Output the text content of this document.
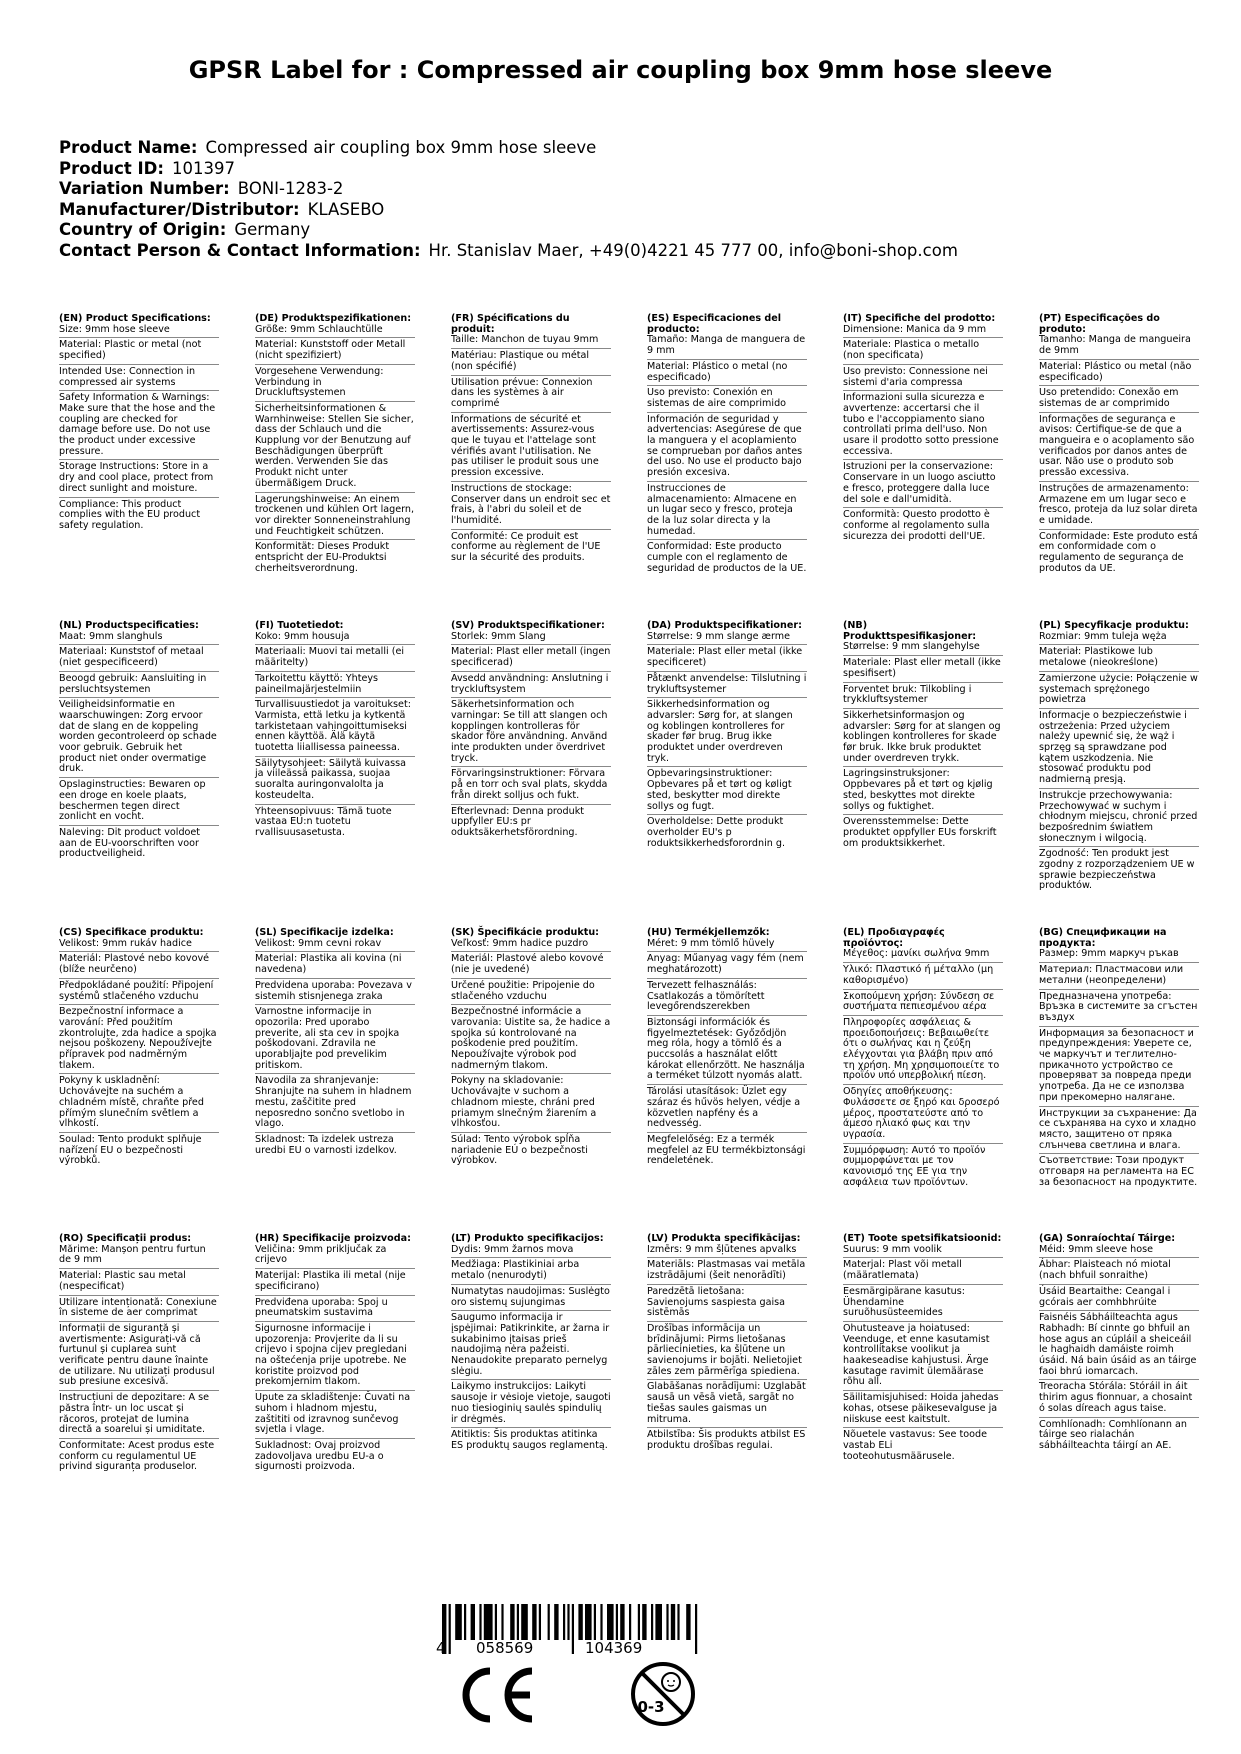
GPSR Label for : Compressed air coupling box 9mm hose sleeve
Product Name: Compressed air coupling box 9mm hose sleeve
Product ID: 101397
Variation Number: BONI-1283-2
Manufacturer/Distributor: KLASEBO
Country of Origin: Germany
Contact Person & Contact Information: Hr. Stanislav Maer, +49(0)4221 45 777 00, info@boni-shop.com
(EN) Product Specifications:
Size: 9mm hose sleeve
Material: Plastic or metal (not specified)
Intended Use: Connection in compressed air systems
Safety Information & Warnings: Make sure that the hose and the coupling are checked for damage before use. Do not use the product under excessive pressure.
Storage Instructions: Store in a dry and cool place, protect from direct sunlight and moisture.
Compliance: This product complies with the EU product safety regulation.
(DE) Produktspezifikationen:
Größe: 9mm Schlauchtülle
Material: Kunststoff oder Metall (nicht spezifiziert)
Vorgesehene Verwendung: Verbindung in Druckluftsystemen
Sicherheitsinformationen & Warnhinweise: Stellen Sie sicher, dass der Schlauch und die Kupplung vor der Benutzung auf Beschädigungen überprüft werden. Verwenden Sie das Produkt nicht unter übermäßigem Druck.
Lagerungshinweise: An einem trockenen und kühlen Ort lagern, vor direkter Sonneneinstrahlung und Feuchtigkeit schützen.
Konformität: Dieses Produkt entspricht der EU-Produktsi cherheitsverordnung.
(FR) Spécifications du produit:
Taille: Manchon de tuyau 9mm
Matériau: Plastique ou métal (non spécifié)
Utilisation prévue: Connexion dans les systèmes à air comprimé
Informations de sécurité et avertissements: Assurez-vous que le tuyau et l'attelage sont vérifiés avant l'utilisation. Ne pas utiliser le produit sous une pression excessive.
Instructions de stockage: Conserver dans un endroit sec et frais, à l'abri du soleil et de l'humidité.
Conformité: Ce produit est conforme au règlement de l'UE sur la sécurité des produits.
(ES) Especificaciones del producto:
Tamaño: Manga de manguera de 9 mm
Material: Plástico o metal (no especificado)
Uso previsto: Conexión en sistemas de aire comprimido
Información de seguridad y advertencias: Asegúrese de que la manguera y el acoplamiento se comprueban por daños antes del uso. No use el producto bajo presión excesiva.
Instrucciones de almacenamiento: Almacene en un lugar seco y fresco, proteja de la luz solar directa y la humedad.
Conformidad: Este producto cumple con el reglamento de seguridad de productos de la UE.
(IT) Specifiche del prodotto:
Dimensione: Manica da 9 mm
Materiale: Plastica o metallo (non specificata)
Uso previsto: Connessione nei sistemi d'aria compressa
Informazioni sulla sicurezza e avvertenze: accertarsi che il tubo e l'accoppiamento siano controllati prima dell'uso. Non usare il prodotto sotto pressione eccessiva.
Istruzioni per la conservazione: Conservare in un luogo asciutto e fresco, proteggere dalla luce del sole e dall'umidità.
Conformità: Questo prodotto è conforme al regolamento sulla sicurezza dei prodotti dell'UE.
(PT) Especificações do produto:
Tamanho: Manga de mangueira de 9mm
Material: Plástico ou metal (não especificado)
Uso pretendido: Conexão em sistemas de ar comprimido
Informações de segurança e avisos: Certifique-se de que a mangueira e o acoplamento são verificados por danos antes de usar. Não use o produto sob pressão excessiva.
Instruções de armazenamento: Armazene em um lugar seco e fresco, proteja da luz solar direta e umidade.
Conformidade: Este produto está em conformidade com o regulamento de segurança de produtos da UE.
(NL) Productspecificaties:
Maat: 9mm slanghuls
Materiaal: Kunststof of metaal (niet gespecificeerd)
Beoogd gebruik: Aansluiting in persluchtsystemen
Veiligheidsinformatie en waarschuwingen: Zorg ervoor dat de slang en de koppeling worden gecontroleerd op schade voor gebruik. Gebruik het product niet onder overmatige druk.
Opslaginstructies: Bewaren op een droge en koele plaats, beschermen tegen direct zonlicht en vocht.
Naleving: Dit product voldoet aan de EU-voorschriften voor productveiligheid.
(FI) Tuotetiedot:
Koko: 9mm housuja
Materiaali: Muovi tai metalli (ei määritelty)
Tarkoitettu käyttö: Yhteys paineilmajärjestelmiin
Turvallisuustiedot ja varoitukset: Varmista, että letku ja kytkentä tarkistetaan vahingoittumiseksi ennen käyttöä. Älä käytä tuotetta liiallisessa paineessa.
Säilytysohjeet: Säilytä kuivassa ja viileässä paikassa, suojaa suoralta auringonvalolta ja kosteudelta.
Yhteensopivuus: Tämä tuote vastaa EU:n tuotetu rvallisuusasetusta.
(SV) Produktspecifikationer:
Storlek: 9mm Slang
Material: Plast eller metall (ingen specificerad)
Avsedd användning: Anslutning i tryckluftsystem
Säkerhetsinformation och varningar: Se till att slangen och kopplingen kontrolleras för skador före användning. Använd inte produkten under överdrivet tryck.
Förvaringsinstruktioner: Förvara på en torr och sval plats, skydda från direkt solljus och fukt.
Efterlevnad: Denna produkt uppfyller EU:s pr oduktsäkerhetsförordning.
(DA) Produktspecifikationer:
Størrelse: 9 mm slange ærme
Materiale: Plast eller metal (ikke specificeret)
Påtænkt anvendelse: Tilslutning i trykluftsystemer
Sikkerhedsinformation og advarsler: Sørg for, at slangen og koblingen kontrolleres for skader før brug. Brug ikke produktet under overdreven tryk.
Opbevaringsinstruktioner: Opbevares på et tørt og køligt sted, beskytter mod direkte sollys og fugt.
Overholdelse: Dette produkt overholder EU's p roduktsikkerhedsforordnin g.
(NB) Produkttspesifikasjoner:
Størrelse: 9 mm slangehylse
Materiale: Plast eller metall (ikke spesifisert)
Forventet bruk: Tilkobling i trykkluftsystemer
Sikkerhetsinformasjon og advarsler: Sørg for at slangen og koblingen kontrolleres for skade før bruk. Ikke bruk produktet under overdreven trykk.
Lagringsinstruksjoner: Oppbevares på et tørt og kjølig sted, beskyttes mot direkte sollys og fuktighet.
Overensstemmelse: Dette produktet oppfyller EUs forskrift om produktsikkerhet.
(PL) Specyfikacje produktu:
Rozmiar: 9mm tuleja węża
Materiał: Plastikowe lub metalowe (nieokreślone)
Zamierzone użycie: Połączenie w systemach sprężonego powietrza
Informacje o bezpieczeństwie i ostrzeżenia: Przed użyciem należy upewnić się, że wąż i sprzęg są sprawdzane pod kątem uszkodzenia. Nie stosować produktu pod nadmierną presją.
Instrukcje przechowywania: Przechowywać w suchym i chłodnym miejscu, chronić przed bezpośrednim światłem słonecznym i wilgocią.
Zgodność: Ten produkt jest zgodny z rozporządzeniem UE w sprawie bezpieczeństwa produktów.
(CS) Specifikace produktu:
Velikost: 9mm rukáv hadice
Materiál: Plastové nebo kovové (blíže neurčeno)
Předpokládané použití: Připojení systémů stlačeného vzduchu
Bezpečnostní informace a varování: Před použitím zkontrolujte, zda hadice a spojka nejsou poškozeny. Nepoužívejte přípravek pod nadměrným tlakem.
Pokyny k uskladnění: Uchovávejte na suchém a chladném místě, chraňte před přímým slunečním světlem a vlhkostí.
Soulad: Tento produkt splňuje nařízení EU o bezpečnosti výrobků.
(SL) Specifikacije izdelka:
Velikost: 9mm cevni rokav
Material: Plastika ali kovina (ni navedena)
Predvidena uporaba: Povezava v sistemih stisnjenega zraka
Varnostne informacije in opozorila: Pred uporabo preverite, ali sta cev in spojka poškodovani. Zdravila ne uporabljajte pod prevelikim pritiskom.
Navodila za shranjevanje: Shranjujte na suhem in hladnem mestu, zaščitite pred neposredno sončno svetlobo in vlago.
Skladnost: Ta izdelek ustreza uredbi EU o varnosti izdelkov.
(SK) Špecifikácie produktu:
Veľkosť: 9mm hadice puzdro
Materiál: Plastové alebo kovové (nie je uvedené)
Určené použitie: Pripojenie do stlačeného vzduchu
Bezpečnostné informácie a varovania: Uistite sa, že hadice a spojka sú kontrolované na poškodenie pred použitím. Nepoužívajte výrobok pod nadmerným tlakom.
Pokyny na skladovanie: Uchovávajte v suchom a chladnom mieste, chráni pred priamym slnečným žiarením a vlhkosťou.
Súlad: Tento výrobok spĺňa nariadenie EÚ o bezpečnosti výrobkov.
(HU) Termékjellemzők:
Méret: 9 mm tömlő hüvely
Anyag: Műanyag vagy fém (nem meghatározott)
Tervezett felhasználás: Csatlakozás a tömörített levegőrendszerekben
Biztonsági információk és figyelmeztetések: Győződjön meg róla, hogy a tömlő és a puccsolás a használat előtt károkat ellenőrzött. Ne használja a terméket túlzott nyomás alatt.
Tárolási utasítások: Üzlet egy száraz és hűvös helyen, védje a közvetlen napfény és a nedvesség.
Megfelelőség: Ez a termék megfelel az EU termékbiztonsági rendeletének.
(EL) Προδιαγραφές προϊόντος:
Μέγεθος: μανίκι σωλήνα 9mm
Υλικό: Πλαστικό ή μέταλλο (μη καθορισμένο)
Σκοπούμενη χρήση: Σύνδεση σε συστήματα πεπιεσμένου αέρα
Πληροφορίες ασφάλειας & προειδοποιήσεις: Βεβαιωθείτε ότι ο σωλήνας και η ζεύξη ελέγχονται για βλάβη πριν από τη χρήση. Μη χρησιμοποιείτε το προϊόν υπό υπερβολική πίεση.
Οδηγίες αποθήκευσης: Φυλάσσετε σε ξηρό και δροσερό μέρος, προστατεύστε από το άμεσο ηλιακό φως και την υγρασία.
Συμμόρφωση: Αυτό το προϊόν συμμορφώνεται με τον κανονισμό της ΕΕ για την ασφάλεια των προϊόντων.
(BG) Спецификации на продукта:
Размер: 9mm маркуч ръкав
Материал: Пластмасови или метални (неопределени)
Предназначена употреба: Връзка в системите за сгъстен въздух
Информация за безопасност и предупреждения: Уверете се, че маркучът и теглително-прикачното устройство се проверяват за повреда преди употреба. Да не се използва при прекомерно налягане.
Инструкции за съхранение: Да се съхранява на сухо и хладно място, защитено от пряка слънчева светлина и влага.
Съответствие: Този продукт отговаря на регламента на ЕС за безопасност на продуктите.
(RO) Specificații produs:
Mărime: Manșon pentru furtun de 9 mm
Material: Plastic sau metal (nespecificat)
Utilizare intenționată: Conexiune în sisteme de aer comprimat
Informații de siguranță și avertismente: Asigurați-vă că furtunul și cuplarea sunt verificate pentru daune înainte de utilizare. Nu utilizați produsul sub presiune excesivă.
Instrucțiuni de depozitare: A se păstra într- un loc uscat și răcoros, protejat de lumina directă a soarelui și umiditate.
Conformitate: Acest produs este conform cu regulamentul UE privind siguranța produselor.
(HR) Specifikacije proizvoda:
Veličina: 9mm priključak za crijevo
Materijal: Plastika ili metal (nije specificirano)
Predviđena uporaba: Spoj u pneumatskim sustavima
Sigurnosne informacije i upozorenja: Provjerite da li su crijevo i spojna cijev pregledani na oštećenja prije upotrebe. Ne koristite proizvod pod prekomjernim tlakom.
Upute za skladištenje: Čuvati na suhom i hladnom mjestu, zaštititi od izravnog sunčevog svjetla i vlage.
Sukladnost: Ovaj proizvod zadovoljava uredbu EU-a o sigurnosti proizvoda.
(LT) Produkto specifikacijos:
Dydis: 9mm žarnos mova
Medžiaga: Plastikiniai arba metalo (nenurodyti)
Numatytas naudojimas: Suslėgto oro sistemų sujungimas
Saugumo informacija ir įspėjimai: Patikrinkite, ar žarna ir sukabinimo įtaisas prieš naudojimą nėra pažeisti. Nenaudokite preparato pernelyg slėgiu.
Laikymo instrukcijos: Laikyti sausoje ir vėsioje vietoje, saugoti nuo tiesioginių saulės spindulių ir drėgmės.
Atitiktis: Šis produktas atitinka ES produktų saugos reglamentą.
(LV) Produkta specifikācijas:
Izmērs: 9 mm šļūtenes apvalks
Materiāls: Plastmasas vai metāla izstrādājumi (šeit nenorādīti)
Paredzētā lietošana: Savienojums saspiesta gaisa sistēmās
Drošības informācija un brīdinājumi: Pirms lietošanas pārliecinieties, ka šļūtene un savienojums ir bojāti. Nelietojiet zāles zem pārmērīga spiediena.
Glabāšanas norādījumi: Uzglabāt sausā un vēsā vietā, sargāt no tiešas saules gaismas un mitruma.
Atbilstība: Šis produkts atbilst ES produktu drošības regulai.
(ET) Toote spetsifikatsioonid:
Suurus: 9 mm voolik
Materjal: Plast või metall (määratlemata)
Eesmärgipärane kasutus: Ühendamine suruõhusüsteemides
Ohutusteave ja hoiatused: Veenduge, et enne kasutamist kontrollitakse voolikut ja haakeseadise kahjustusi. Ärge kasutage ravimit ülemäärase rõhu all.
Säilitamisjuhised: Hoida jahedas kohas, otsese päikesevalguse ja niiskuse eest kaitstult.
Nõuetele vastavus: See toode vastab ELi tooteohutusmäärusele.
(GA) Sonraíochtaí Táirge:
Méid: 9mm sleeve hose
Ábhar: Plaisteach nó miotal (nach bhfuil sonraithe)
Úsáid Beartaithe: Ceangal i gcórais aer comhbhrúite
Faisnéis Sábháilteachta agus Rabhadh: Bí cinnte go bhfuil an hose agus an cúpláil a sheiceáil le haghaidh damáiste roimh úsáid. Ná bain úsáid as an táirge faoi bhrú iomarcach.
Treoracha Stórála: Stóráil in áit thirim agus fionnuar, a chosaint ó solas díreach agus taise.
Comhlíonadh: Comhlíonann an táirge seo rialachán sábháilteachta táirgí an AE.
4 058569	104369
0-3
